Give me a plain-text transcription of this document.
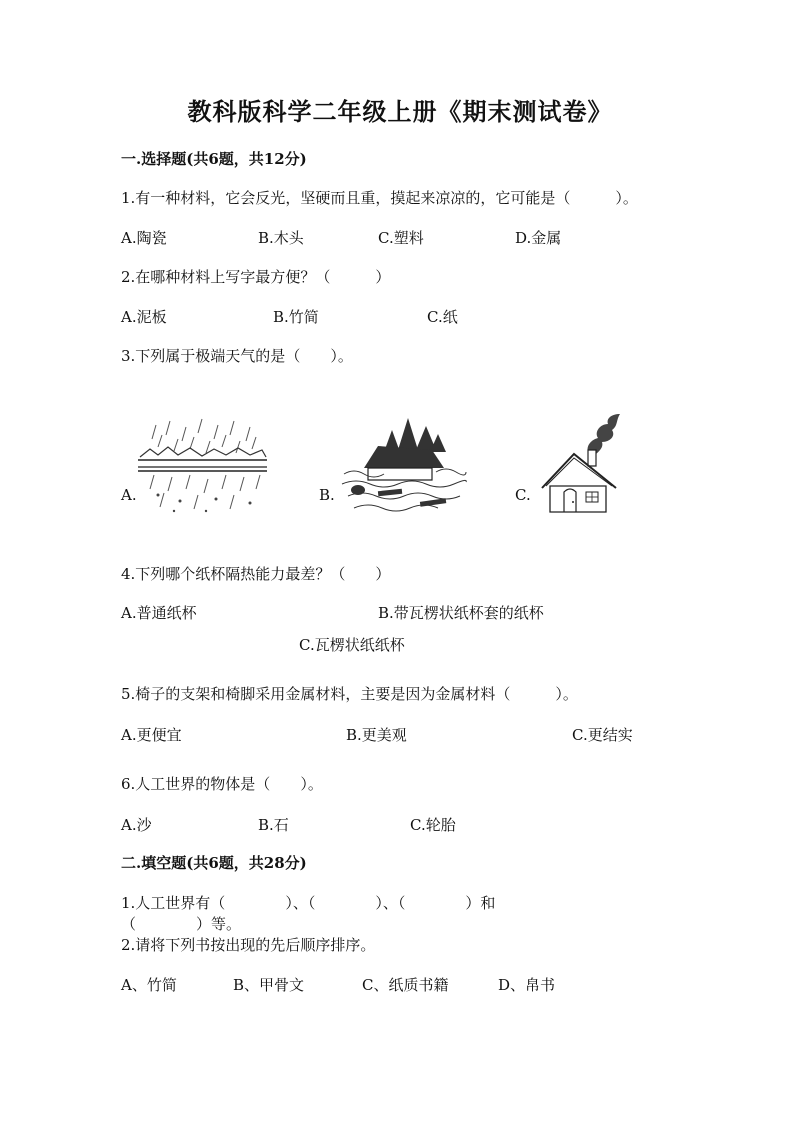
教科版科学二年级上册《期末测试卷》
一.选择题(共6题，共12分)
1.有一种材料，它会反光，坚硬而且重，摸起来凉凉的，它可能是（　　　）。
A.陶瓷	B.木头	C.塑料	D.金属
2.在哪种材料上写字最方便？（　　　）
A.泥板	B.竹简	C.纸
3.下列属于极端天气的是（　　）。
A.	B.	C.
4.下列哪个纸杯隔热能力最差？（　　）
A.普通纸杯	B.带瓦楞状纸杯套的纸杯
C.瓦楞状纸纸杯
5.椅子的支架和椅脚采用金属材料，主要是因为金属材料（　　　）。
A.更便宜	B.更美观	C.更结实
6.人工世界的物体是（　　）。
A.沙	B.石	C.轮胎
二.填空题(共6题，共28分)
1.人工世界有（　　　　）、（　　　　）、（　　　　）和
（　　　　）等。
2.请将下列书按出现的先后顺序排序。
A、竹简	B、甲骨文	C、纸质书籍	D、帛书
